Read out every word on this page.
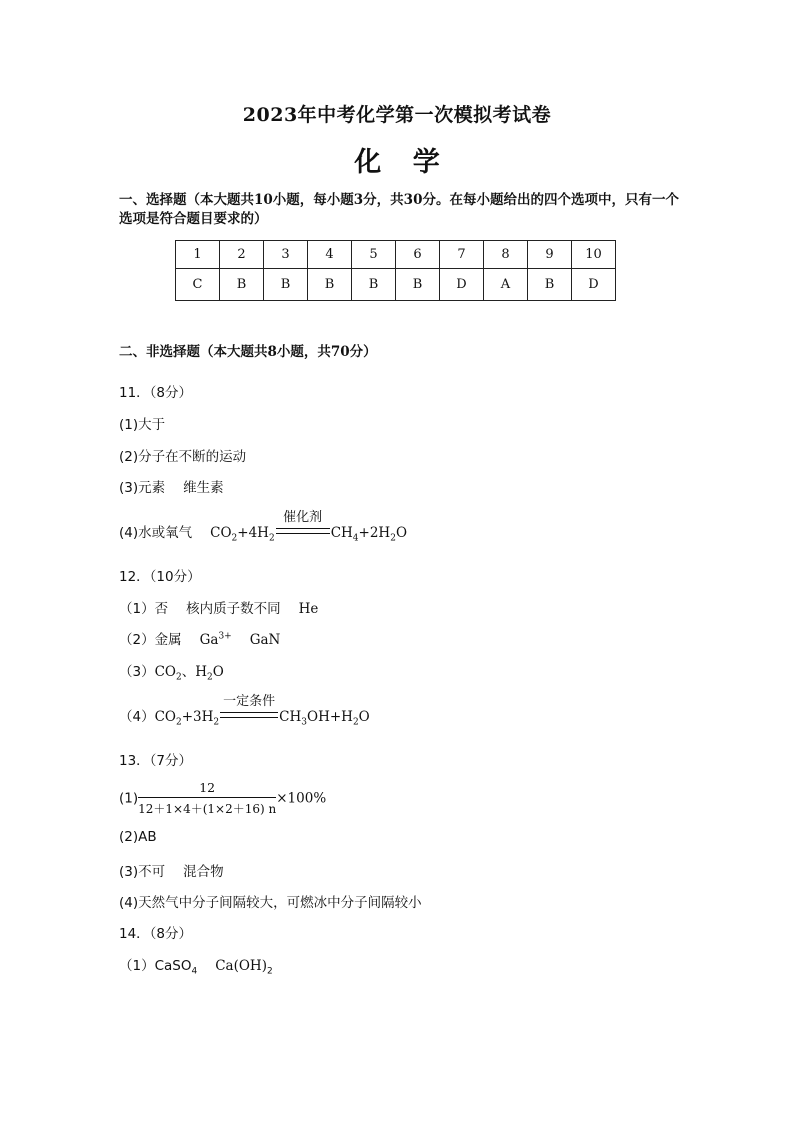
2023年中考化学第一次模拟考试卷
化 学
一、选择题（本大题共10小题，每小题3分，共30分。在每小题给出的四个选项中，只有一个选项是符合题目要求的）
1	2	3	4	5	6	7	8	9	10
C	B	B	B	B	B	D	A	B	D
二、非选择题（本大题共8小题，共70分）
11．（8分）
(1)大于
(2)分子在不断的运动
(3)元素 维生素
(4)水或氧气 $CO_2+4H_2$
催化剂
$CH_4+2H_2O$
12．（10分）
（1）否 核内质子数不同 He
（2）金属 $Ga^{3+}$ GaN
$(3)CO_2$、$H_2O$
$(4)CO_2+3H_2$
一定条件
$CH_3OH+H_2O$
13．（7分）
$(1) \frac{12}{12+1\times 4+(1\times 2+16) n} \times 100\%$
(2)AB
(3)不可 混合物
(4)天然气中分子间隔较大，可燃冰中分子间隔较小
14．（8分）
（1）CaSO$_4$ $Ca(OH)_2$
